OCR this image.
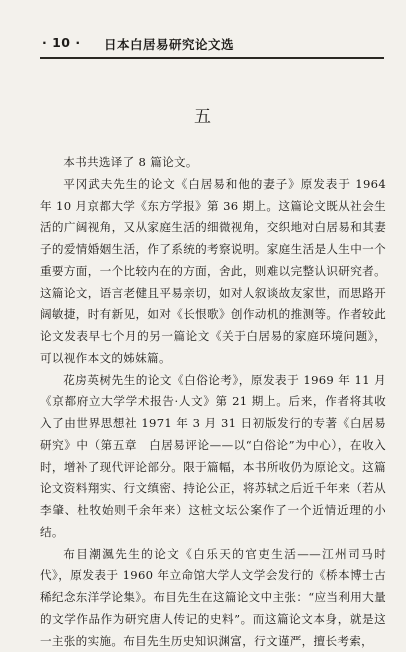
· 10 · 日本白居易研究论文选
五

本书共选译了 8 篇论文。

平冈武夫先生的论文《白居易和他的妻子》原发表于 1964 年 10 月京都大学《东方学报》第 36 期上。这篇论文既从社会生活的广阔视角，又从家庭生活的细微视角，交织地对白居易和其妻子的爱情婚姻生活，作了系统的考察说明。家庭生活是人生中一个重要方面，一个比较内在的方面，舍此，则难以完整认识研究者。这篇论文，语言老健且平易亲切，如对人叙谈故友家世，而思路开阔敏捷，时有新见，如对《长恨歌》创作动机的推测等。作者较此论文发表早七个月的另一篇论文《关于白居易的家庭环境问题》，可以视作本文的姊妹篇。

花房英树先生的论文《白俗论考》，原发表于 1969 年 11 月《京都府立大学学术报告·人文》第 21 期上。后来，作者将其收入了由世界思想社 1971 年 3 月 31 日初版发行的专著《白居易研究》中（第五章　白居易评论——以“白俗论”为中心），在收入时，增补了现代评论部分。限于篇幅，本书所收仍为原论文。这篇论文资料翔实、行文缜密、持论公正，将苏轼之后近千年来（若从李肇、杜牧始则千余年来）这桩文坛公案作了一个近情近理的小结。

布目潮渢先生的论文《白乐天的官吏生活——江州司马时代》，原发表于 1960 年立命馆大学人文学会发行的《桥本博士古稀纪念东洋学论集》。布目先生在这篇论文中主张：“应当利用大量的文学作品作为研究唐人传记的史料”。而这篇论文本身，就是这一主张的实施。布目先生历史知识渊富，行文谨严，擅长考索，
